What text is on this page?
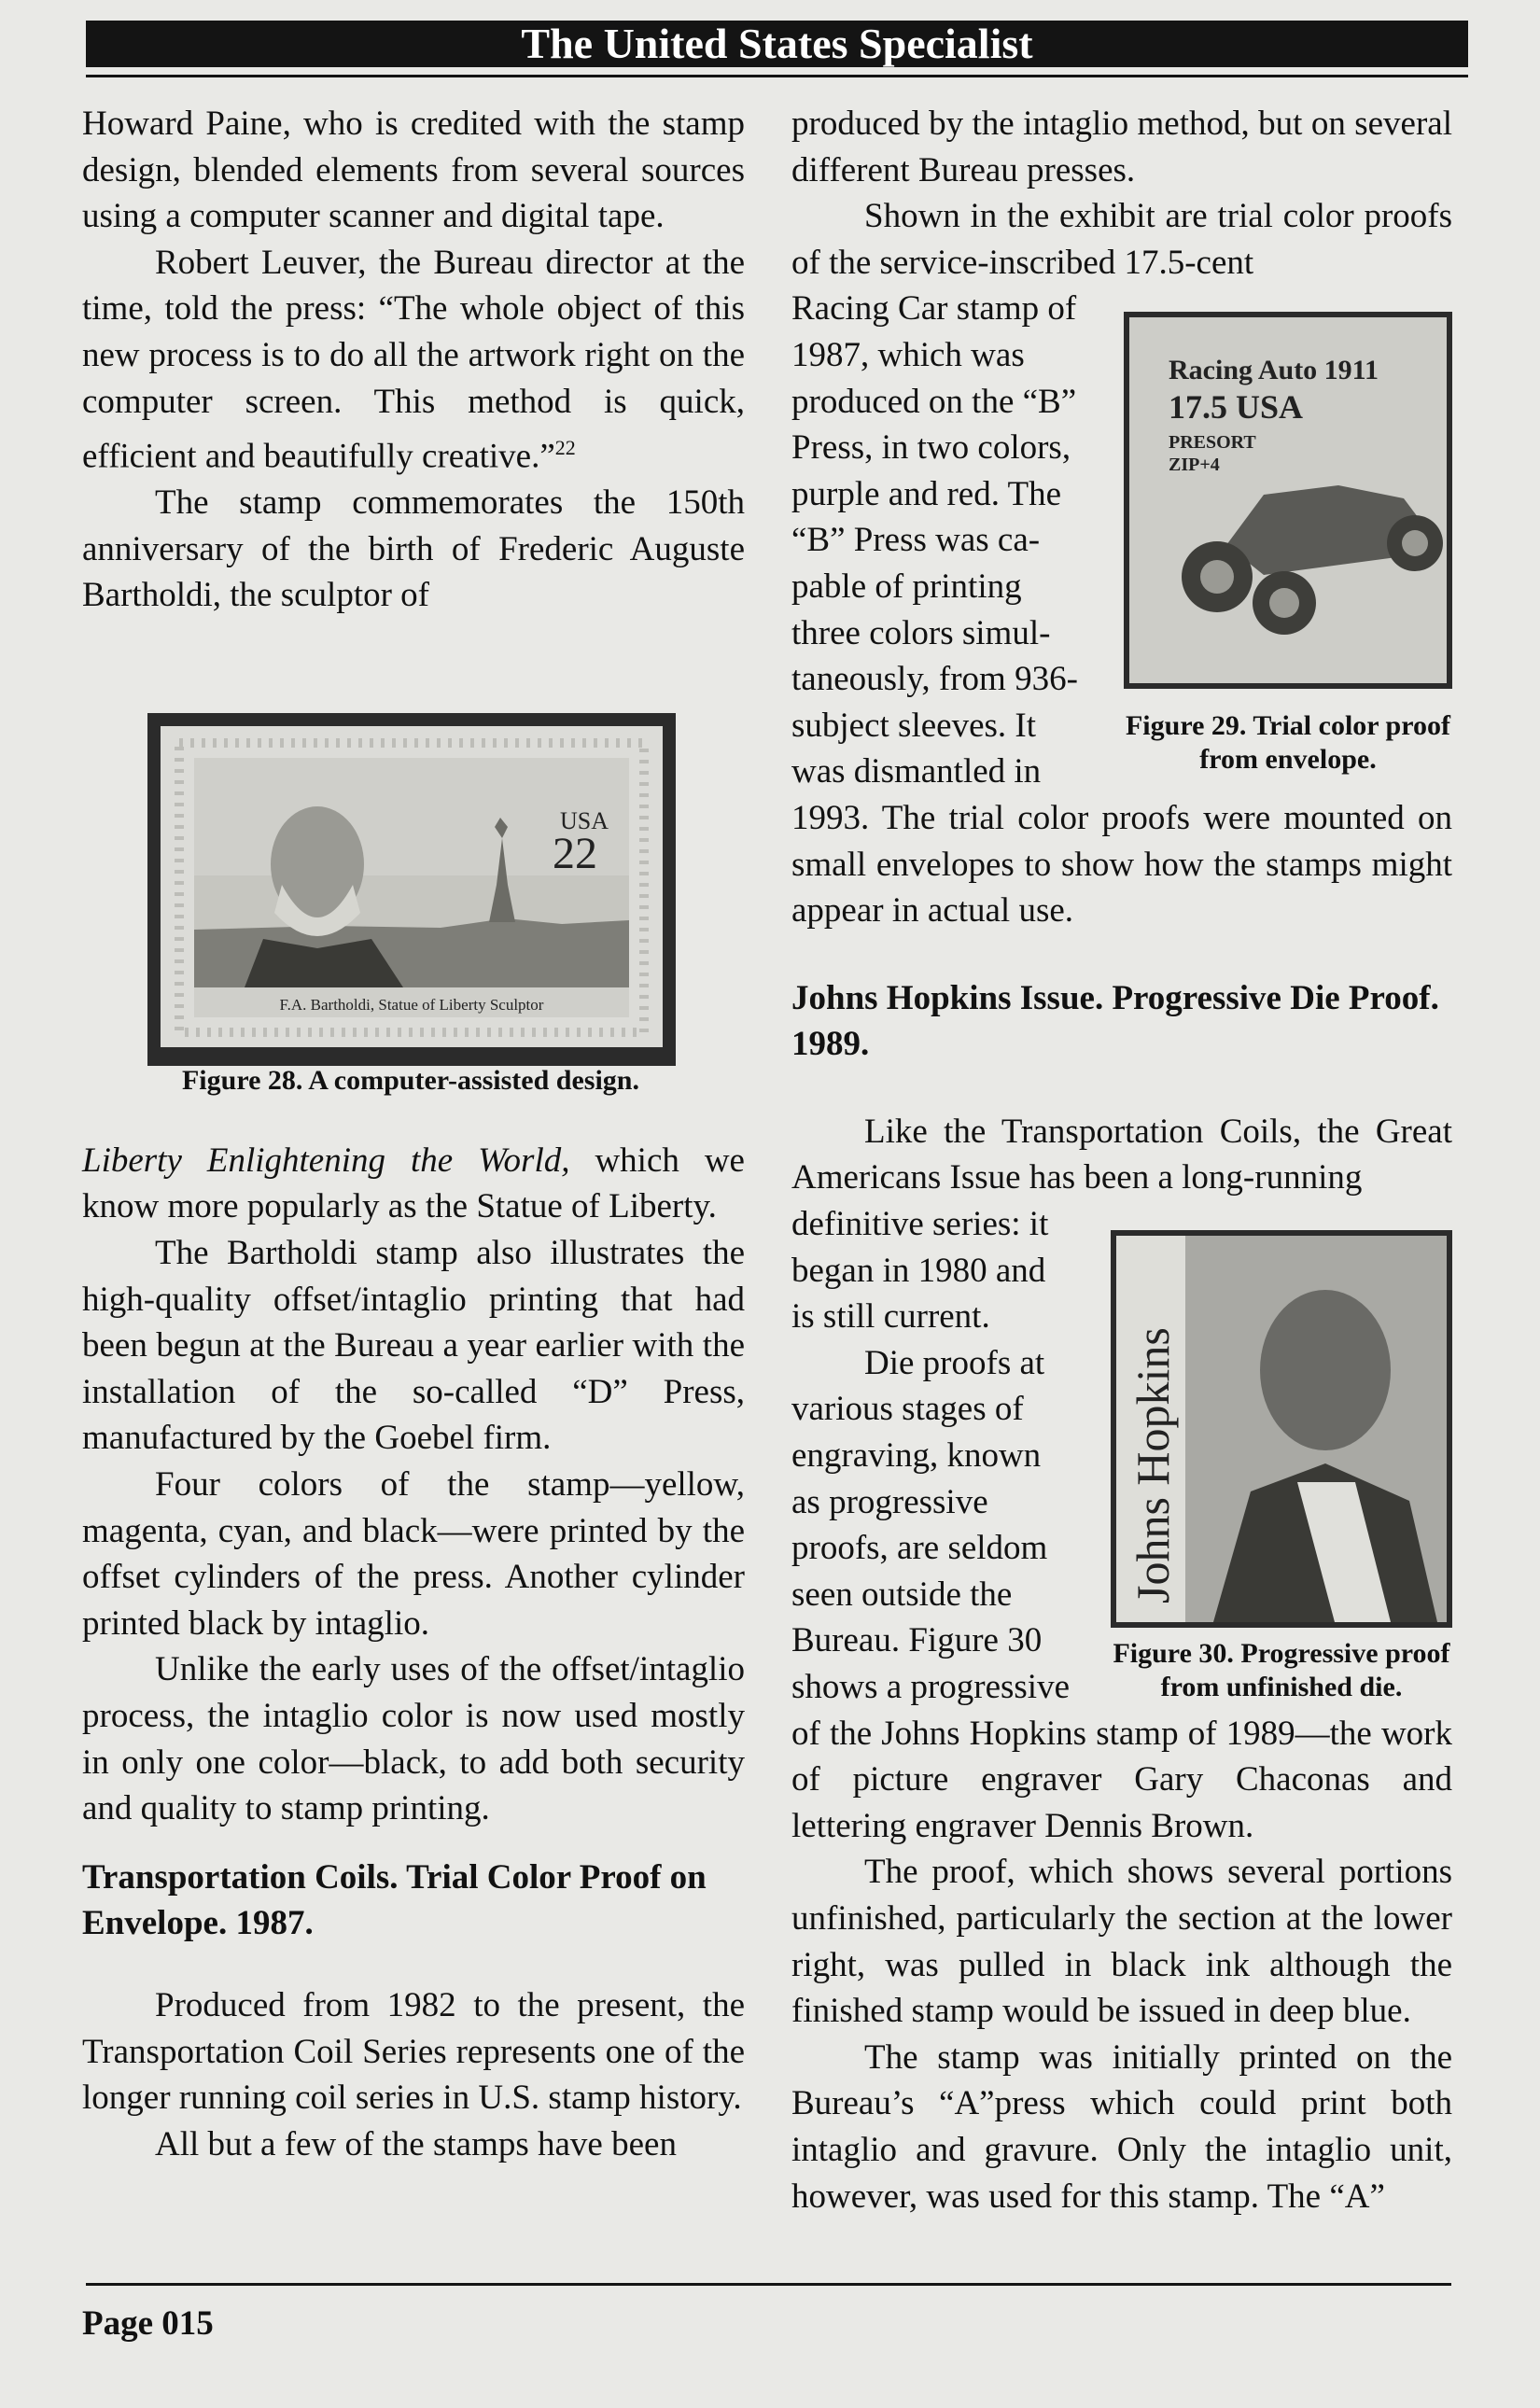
The United States Specialist

Howard Paine, who is credited with the stamp design, blended elements from several sources using a computer scanner and digital tape.

Robert Leuver, the Bureau director at the time, told the press: “The whole object of this new process is to do all the artwork right on the computer screen. This method is quick, efficient and beautifully creative.”$^{22}$

The stamp commemorates the 150th anniversary of the birth of Frederic Auguste Bartholdi, the sculptor of

Liberty Enlightening the World, which we know more popularly as the Statue of Liberty.

The Bartholdi stamp also illustrates the high-quality offset/intaglio printing that had been begun at the Bureau a year earlier with the installation of the so-called “D” Press, manufactured by the Goebel firm.

Four colors of the stamp—yellow, magenta, cyan, and black—were printed by the offset cylinders of the press. Another cylinder printed black by intaglio.

Unlike the early uses of the offset/intaglio process, the intaglio color is now used mostly in only one color—black, to add both security and quality to stamp printing.

Transportation Coils. Trial Color Proof on Envelope. 1987.

Produced from 1982 to the present, the Transportation Coil Series represents one of the longer running coil series in U.S. stamp history.

All but a few of the stamps have been

USA
22
F.A. Bartholdi, Statue of Liberty Sculptor
Figure 28. A computer-assisted design.

produced by the intaglio method, but on several different Bureau presses.

Shown in the exhibit are trial color proofs of the service-inscribed 17.5-cent

Racing Car stamp of
1987, which was
produced on the “B”
Press, in two colors,
purple and red. The
“B” Press was ca-
pable of printing
three colors simul-
taneously, from 936-
subject sleeves. It
was dismantled in

1993. The trial color proofs were mounted on small envelopes to show how the stamps might appear in actual use.

Johns Hopkins Issue. Progressive Die Proof. 1989.

Like the Transportation Coils, the Great Americans Issue has been a long-running

definitive series: it
began in 1980 and
is still current.
Die proofs at
various stages of
engraving, known
as progressive
proofs, are seldom
seen outside the
Bureau. Figure 30
shows a progressive

of the Johns Hopkins stamp of 1989—the work of picture engraver Gary Chaconas and lettering engraver Dennis Brown.

The proof, which shows several portions unfinished, particularly the section at the lower right, was pulled in black ink although the finished stamp would be issued in deep blue.

The stamp was initially printed on the Bureau’s “A”press which could print both intaglio and gravure. Only the intaglio unit, however, was used for this stamp. The “A”

Racing Auto 1911
17.5 USA
PRESORT
ZIP+4
Figure 29. Trial color proof from envelope.
Johns Hopkins
Figure 30. Progressive proof from unfinished die.
Page 015
